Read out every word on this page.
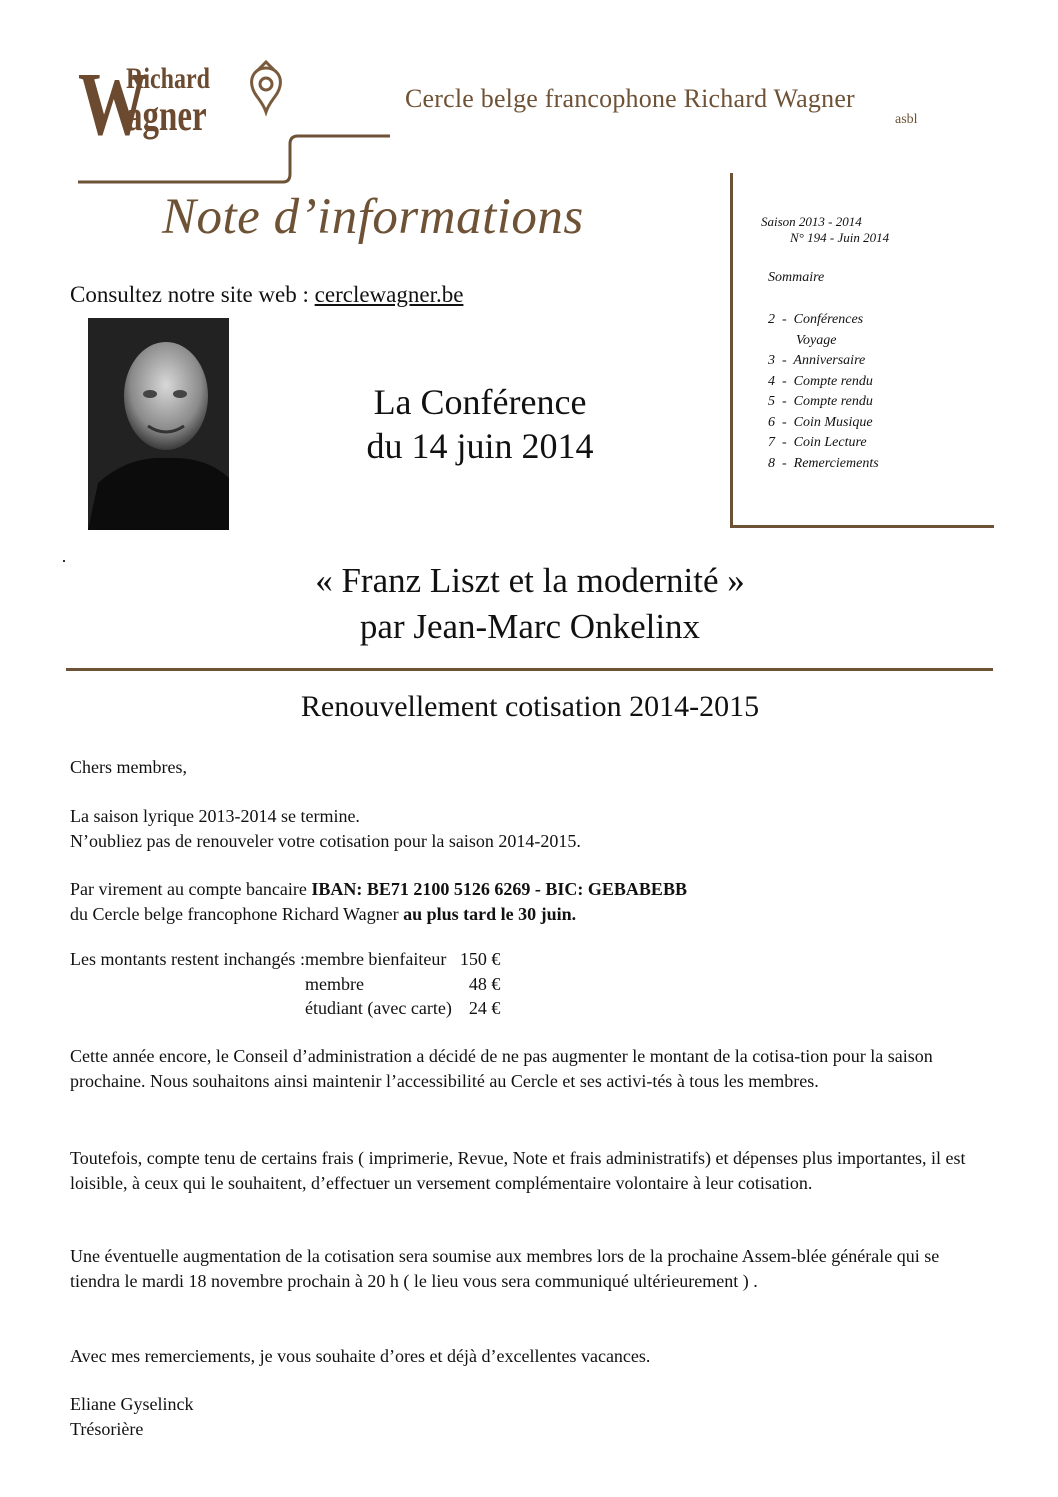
W
Richard
agner	Cercle belge francophone Richard Wagner
asbl
Note d’informations
Consultez notre site web : cerclewagner.be
La Conférence
du 14 juin 2014
Saison 2013 - 2014
N° 194 - Juin 2014
Sommaire
2  -  Conférences
Voyage
3  -  Anniversaire
4  -  Compte rendu
5  -  Compte rendu
6  -  Coin Musique
7  -  Coin Lecture
8  -  Remerciements
« Franz Liszt et la modernité »
par Jean-Marc Onkelinx
Renouvellement cotisation 2014-2015
Chers membres,
La saison lyrique 2013-2014 se termine.
N’oubliez pas de renouveler votre cotisation pour la saison 2014-2015.
Par virement au compte bancaire IBAN: BE71 2100 5126 6269 - BIC: GEBABEBB
du Cercle belge francophone Richard Wagner au plus tard le 30 juin.
Les montants restent inchangés :	membre bienfaiteur	150 €
	membre	48 €
	étudiant (avec carte)	24 €
Cette année encore, le Conseil d’administration a décidé de ne pas augmenter le montant de la cotisa-tion pour la saison prochaine. Nous souhaitons ainsi maintenir l’accessibilité au Cercle et ses activi-tés à tous les membres.
Toutefois, compte tenu de certains frais ( imprimerie, Revue, Note et frais administratifs) et dépenses plus importantes, il est loisible, à ceux qui le souhaitent, d’effectuer un versement complémentaire volontaire à leur cotisation.
Une éventuelle augmentation de la cotisation sera soumise aux membres lors de la prochaine Assem-blée générale qui se tiendra le mardi 18 novembre prochain à 20 h ( le lieu vous sera communiqué ultérieurement ) .
Avec mes remerciements, je vous souhaite d’ores et déjà d’excellentes vacances.
Eliane Gyselinck
Trésorière
